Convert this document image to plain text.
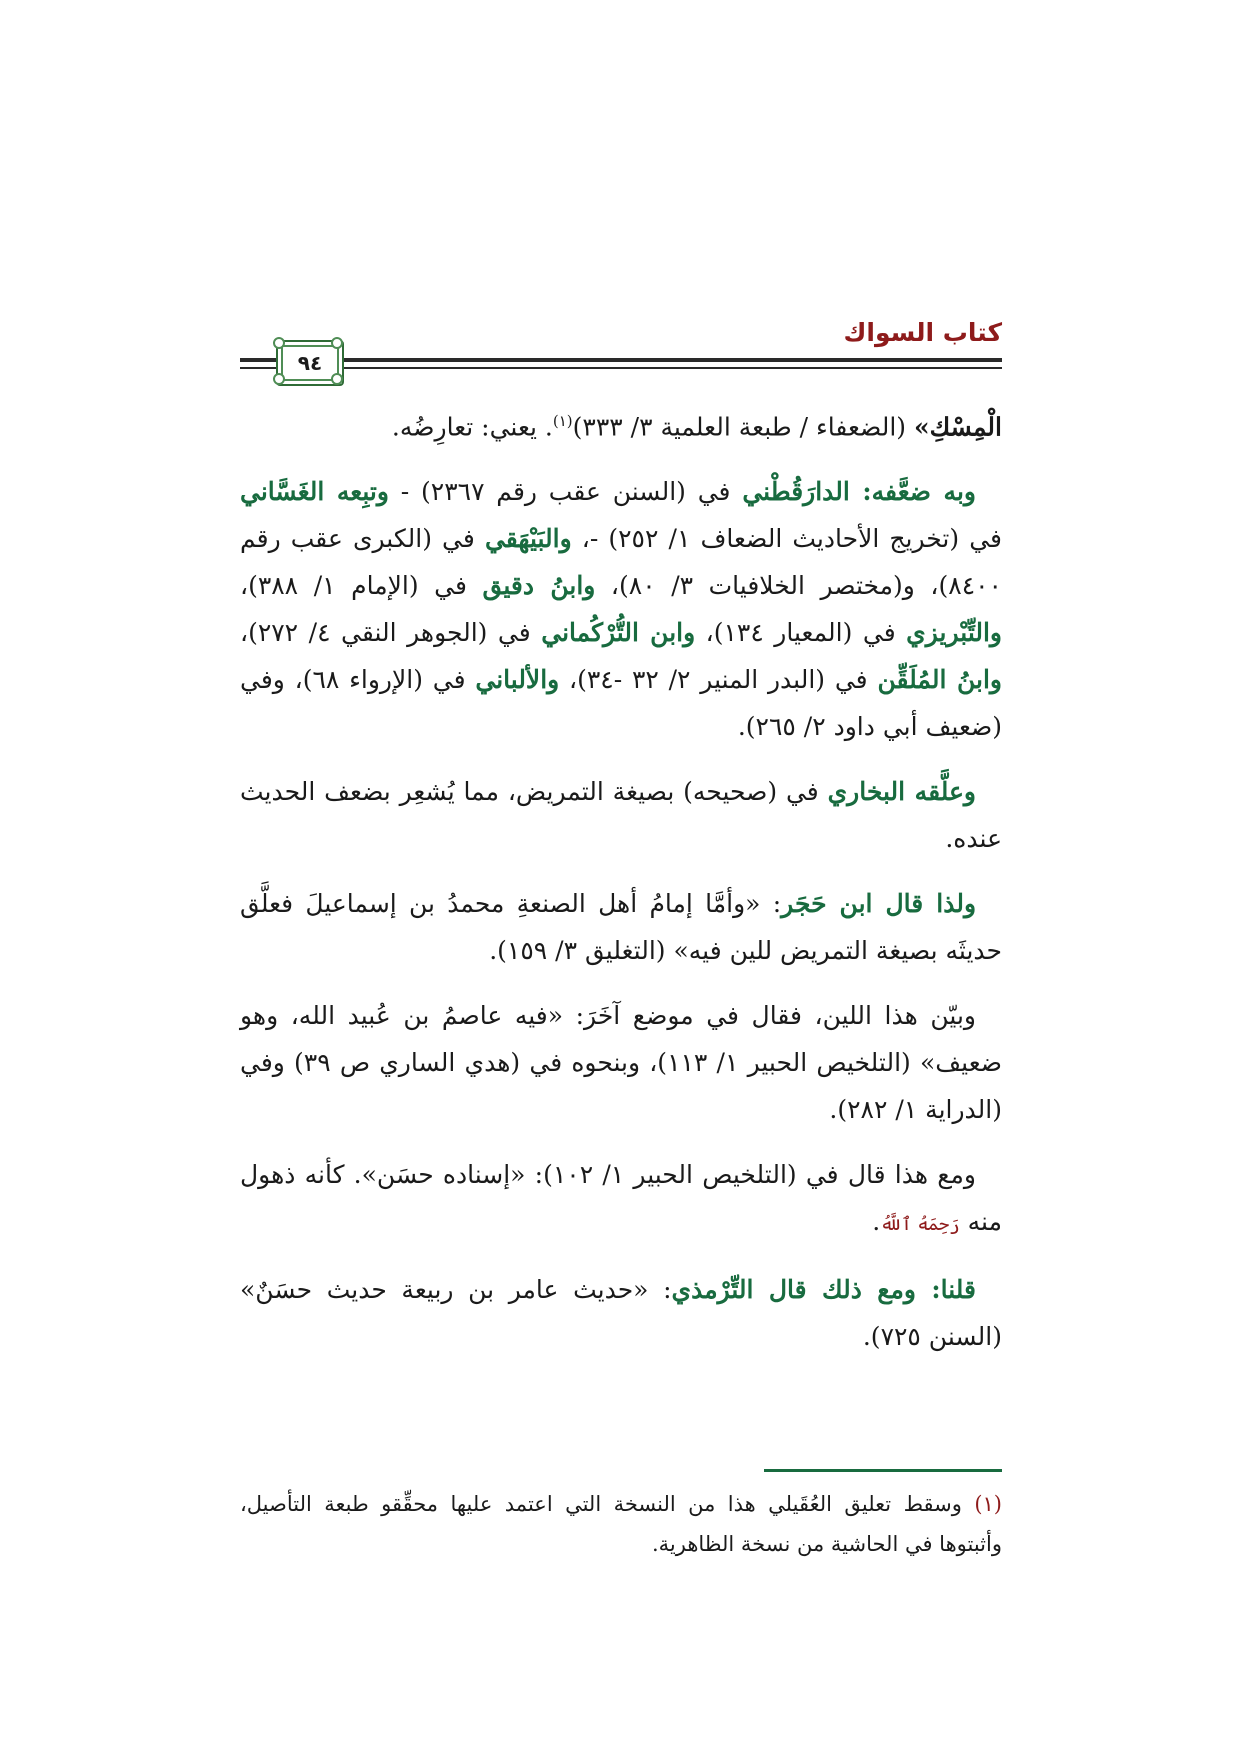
كتاب السواك
٩٤

الْمِسْكِ» (الضعفاء / طبعة العلمية ٣/ ٣٣٣)$^{(١)}$. يعني: تعارِضُه.

وبه ضعَّفه: الدارَقُطْني في (السنن عقب رقم ٢٣٦٧) - وتبِعه الغَسَّاني في (تخريج الأحاديث الضعاف ١/ ٢٥٢) -، والبَيْهَقي في (الكبرى عقب رقم ٨٤٠٠)، و(مختصر الخلافيات ٣/ ٨٠)، وابنُ دقيق في (الإمام ١/ ٣٨٨)، والتِّبْريزي في (المعيار ١٣٤)، وابن التُّرْكُماني في (الجوهر النقي ٤/ ٢٧٢)، وابنُ المُلَقِّن في (البدر المنير ٢/ ٣٢ -٣٤)، والألباني في (الإرواء ٦٨)، وفي (ضعيف أبي داود ٢/ ٢٦٥).

وعلَّقه البخاري في (صحيحه) بصيغة التمريض، مما يُشعِر بضعف الحديث عنده.

ولذا قال ابن حَجَر: «وأمَّا إمامُ أهل الصنعةِ محمدُ بن إسماعيلَ فعلَّق حديثَه بصيغة التمريض للين فيه» (التغليق ٣/ ١٥٩).

وبيّن هذا اللين، فقال في موضع آخَرَ: «فيه عاصمُ بن عُبيد الله، وهو ضعيف» (التلخيص الحبير ١/ ١١٣)، وبنحوه في (هدي الساري ص ٣٩) وفي (الدراية ١/ ٢٨٢).

ومع هذا قال في (التلخيص الحبير ١/ ١٠٢): «إسناده حسَن». كأنه ذهول منه رَحِمَهُ ٱللَّهُ.

قلنا: ومع ذلك قال التِّرْمذي: «حديث عامر بن ربيعة حديث حسَنٌ» (السنن ٧٢٥).

(١) وسقط تعليق العُقَيلي هذا من النسخة التي اعتمد عليها محقِّقو طبعة التأصيل، وأثبتوها في الحاشية من نسخة الظاهرية.
